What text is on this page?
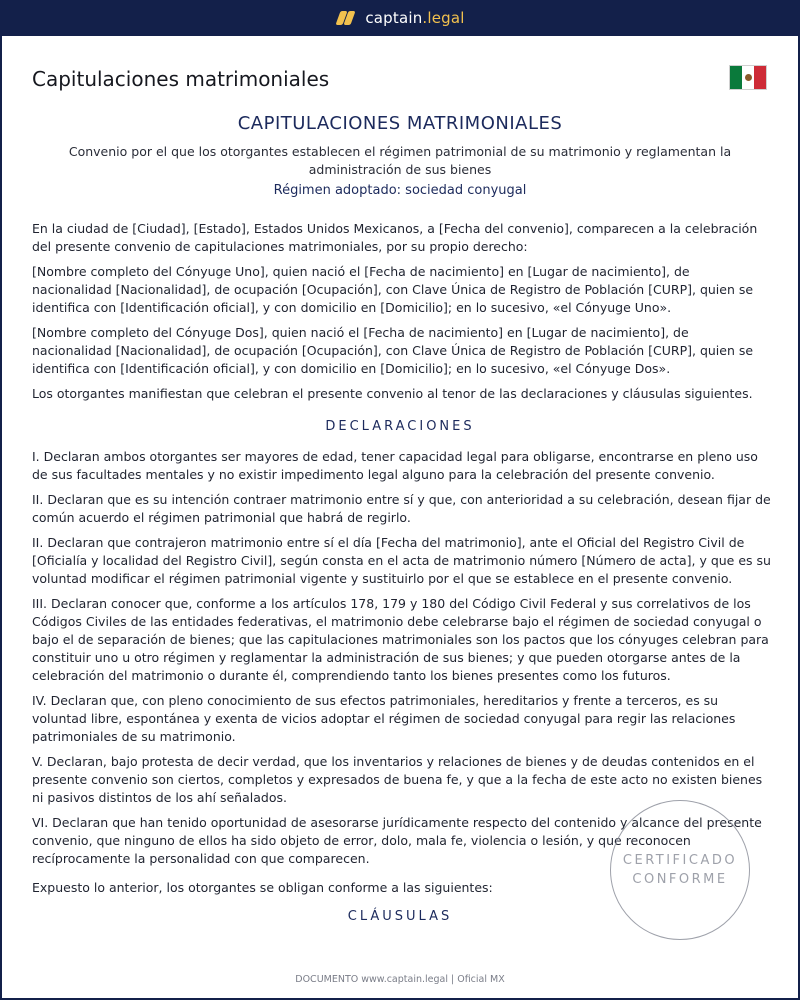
captain.legal
Capitulaciones matrimoniales
CAPITULACIONES MATRIMONIALES
Convenio por el que los otorgantes establecen el régimen patrimonial de su matrimonio y reglamentan la administración de sus bienes
Régimen adoptado: sociedad conyugal

En la ciudad de [Ciudad], [Estado], Estados Unidos Mexicanos, a [Fecha del convenio], comparecen a la celebración del presente convenio de capitulaciones matrimoniales, por su propio derecho:

[Nombre completo del Cónyuge Uno], quien nació el [Fecha de nacimiento] en [Lugar de nacimiento], de nacionalidad [Nacionalidad], de ocupación [Ocupación], con Clave Única de Registro de Población [CURP], quien se identifica con [Identificación oficial], y con domicilio en [Domicilio]; en lo sucesivo, «el Cónyuge Uno».

[Nombre completo del Cónyuge Dos], quien nació el [Fecha de nacimiento] en [Lugar de nacimiento], de nacionalidad [Nacionalidad], de ocupación [Ocupación], con Clave Única de Registro de Población [CURP], quien se identifica con [Identificación oficial], y con domicilio en [Domicilio]; en lo sucesivo, «el Cónyuge Dos».

Los otorgantes manifiestan que celebran el presente convenio al tenor de las declaraciones y cláusulas siguientes.

DECLARACIONES

I. Declaran ambos otorgantes ser mayores de edad, tener capacidad legal para obligarse, encontrarse en pleno uso de sus facultades mentales y no existir impedimento legal alguno para la celebración del presente convenio.

II. Declaran que es su intención contraer matrimonio entre sí y que, con anterioridad a su celebración, desean fijar de común acuerdo el régimen patrimonial que habrá de regirlo.

II. Declaran que contrajeron matrimonio entre sí el día [Fecha del matrimonio], ante el Oficial del Registro Civil de [Oficialía y localidad del Registro Civil], según consta en el acta de matrimonio número [Número de acta], y que es su voluntad modificar el régimen patrimonial vigente y sustituirlo por el que se establece en el presente convenio.

III. Declaran conocer que, conforme a los artículos 178, 179 y 180 del Código Civil Federal y sus correlativos de los Códigos Civiles de las entidades federativas, el matrimonio debe celebrarse bajo el régimen de sociedad conyugal o bajo el de separación de bienes; que las capitulaciones matrimoniales son los pactos que los cónyuges celebran para constituir uno u otro régimen y reglamentar la administración de sus bienes; y que pueden otorgarse antes de la celebración del matrimonio o durante él, comprendiendo tanto los bienes presentes como los futuros.

IV. Declaran que, con pleno conocimiento de sus efectos patrimoniales, hereditarios y frente a terceros, es su voluntad libre, espontánea y exenta de vicios adoptar el régimen de sociedad conyugal para regir las relaciones patrimoniales de su matrimonio.

V. Declaran, bajo protesta de decir verdad, que los inventarios y relaciones de bienes y de deudas contenidos en el presente convenio son ciertos, completos y expresados de buena fe, y que a la fecha de este acto no existen bienes ni pasivos distintos de los ahí señalados.

VI. Declaran que han tenido oportunidad de asesorarse jurídicamente respecto del contenido y alcance del presente convenio, que ninguno de ellos ha sido objeto de error, dolo, mala fe, violencia o lesión, y que reconocen recíprocamente la personalidad con que comparecen.

Expuesto lo anterior, los otorgantes se obligan conforme a las siguientes:

CLÁUSULAS
CERTIFICADO
CONFORME
DOCUMENTO www.captain.legal | Oficial MX
